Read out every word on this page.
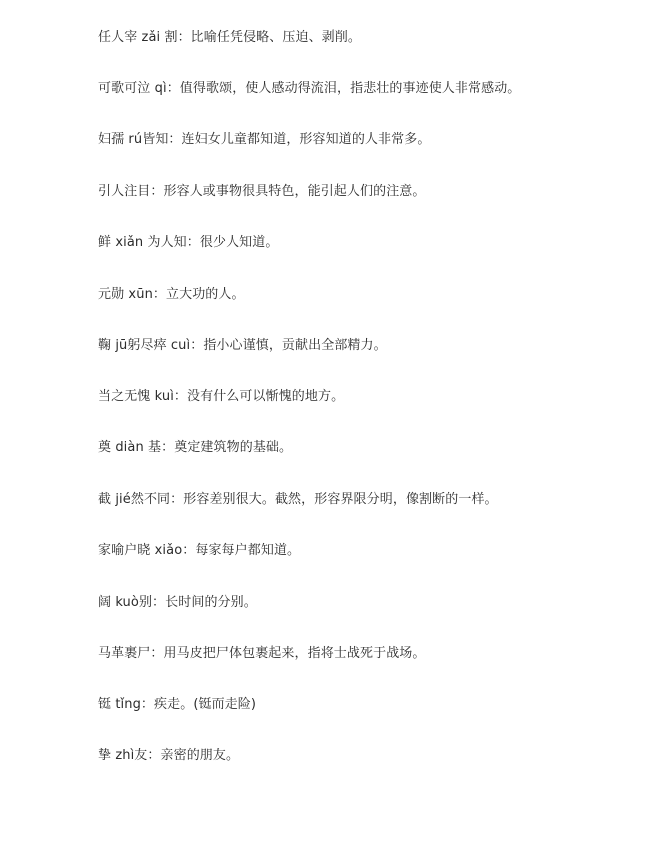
任人宰 zǎi 割：比喻任凭侵略、压迫、剥削。
可歌可泣 qì：值得歌颂，使人感动得流泪，指悲壮的事迹使人非常感动。
妇孺 rú皆知：连妇女儿童都知道，形容知道的人非常多。
引人注目：形容人或事物很具特色，能引起人们的注意。
鲜 xiǎn 为人知：很少人知道。
元勋 xūn：立大功的人。
鞠 jū躬尽瘁 cuì：指小心谨慎，贡献出全部精力。
当之无愧 kuì：没有什么可以惭愧的地方。
奠 diàn 基：奠定建筑物的基础。
截 jié然不同：形容差别很大。截然，形容界限分明，像割断的一样。
家喻户晓 xiǎo：每家每户都知道。
阔 kuò别：长时间的分别。
马革裹尸：用马皮把尸体包裹起来，指将士战死于战场。
铤 tǐng：疾走。(铤而走险)
挚 zhì友：亲密的朋友。
